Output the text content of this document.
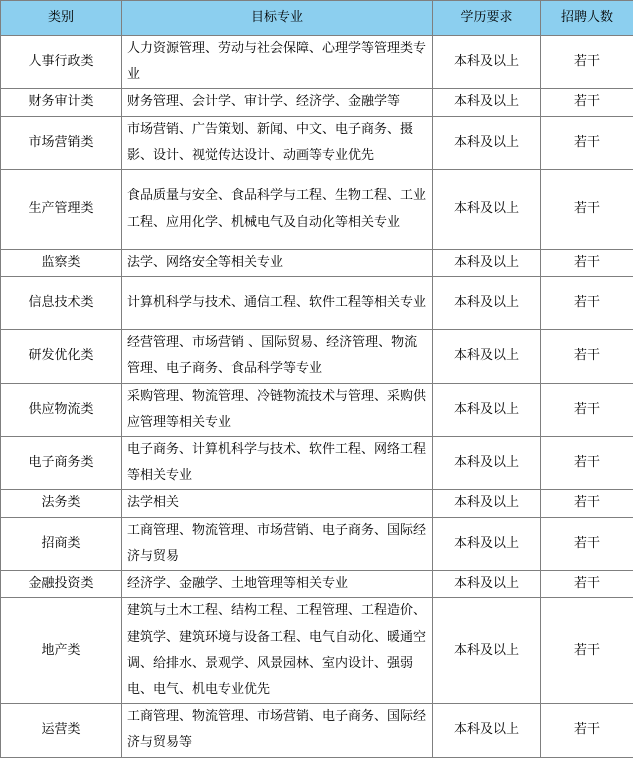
类别	目标专业	学历要求	招聘人数
人事行政类	人力资源管理、劳动与社会保障、心理学等管理类专业	本科及以上	若干
财务审计类	财务管理、会计学、审计学、经济学、金融学等	本科及以上	若干
市场营销类	市场营销、广告策划、新闻、中文、电子商务、摄影、设计、视觉传达设计、动画等专业优先	本科及以上	若干
生产管理类	食品质量与安全、食品科学与工程、生物工程、工业工程、应用化学、机械电气及自动化等相关专业	本科及以上	若干
监察类	法学、网络安全等相关专业	本科及以上	若干
信息技术类	计算机科学与技术、通信工程、软件工程等相关专业	本科及以上	若干
研发优化类	经营管理、市场营销 、国际贸易、经济管理、物流管理、电子商务、食品科学等专业	本科及以上	若干
供应物流类	采购管理、物流管理、冷链物流技术与管理、采购供应管理等相关专业	本科及以上	若干
电子商务类	电子商务、计算机科学与技术、软件工程、网络工程等相关专业	本科及以上	若干
法务类	法学相关	本科及以上	若干
招商类	工商管理、物流管理、市场营销、电子商务、国际经济与贸易	本科及以上	若干
金融投资类	经济学、金融学、土地管理等相关专业	本科及以上	若干
地产类	建筑与土木工程、结构工程、工程管理、工程造价、建筑学、建筑环境与设备工程、电气自动化、暖通空调、给排水、景观学、风景园林、室内设计、强弱电、电气、机电专业优先	本科及以上	若干
运营类	工商管理、物流管理、市场营销、电子商务、国际经济与贸易等	本科及以上	若干
